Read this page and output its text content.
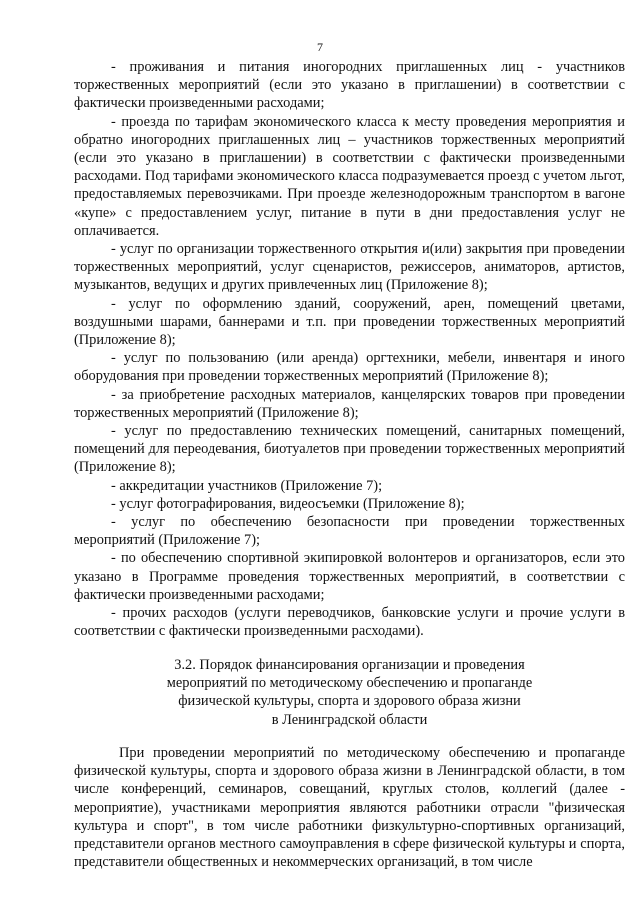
7

- проживания и питания иногородних приглашенных лиц - участников торжественных мероприятий (если это указано в приглашении) в соответствии с фактически произведенными расходами;

- проезда по тарифам экономического класса к месту проведения мероприятия и обратно иногородних приглашенных лиц – участников торжественных мероприятий (если это указано в приглашении) в соответствии с фактически произведенными расходами. Под тарифами экономического класса подразумевается проезд с учетом льгот, предоставляемых перевозчиками. При проезде железнодорожным транспортом в вагоне «купе» с предоставлением услуг, питание в пути в дни предоставления услуг не оплачивается.

- услуг по организации торжественного открытия и(или) закрытия при проведении торжественных мероприятий, услуг сценаристов, режиссеров, аниматоров, артистов, музыкантов, ведущих и других привлеченных лиц (Приложение 8);

- услуг по оформлению зданий, сооружений, арен, помещений цветами, воздушными шарами, баннерами и т.п. при проведении торжественных мероприятий (Приложение 8);

- услуг по пользованию (или аренда) оргтехники, мебели, инвентаря и иного оборудования при проведении торжественных мероприятий (Приложение 8);

- за приобретение расходных материалов, канцелярских товаров при проведении торжественных мероприятий (Приложение 8);

- услуг по предоставлению технических помещений, санитарных помещений, помещений для переодевания, биотуалетов при проведении торжественных мероприятий (Приложение 8);

- аккредитации участников (Приложение 7);

- услуг фотографирования, видеосъемки (Приложение 8);

- услуг по обеспечению безопасности при проведении торжественных мероприятий (Приложение 7);

- по обеспечению спортивной экипировкой волонтеров и организаторов, если это указано в Программе проведения торжественных мероприятий, в соответствии с фактически произведенными расходами;

- прочих расходов (услуги переводчиков, банковские услуги и прочие услуги в соответствии с фактически произведенными расходами).

3.2. Порядок финансирования организации и проведения
мероприятий по методическому обеспечению и пропаганде
физической культуры, спорта и здорового образа жизни
в Ленинградской области

При проведении мероприятий по методическому обеспечению и пропаганде физической культуры, спорта и здорового образа жизни в Ленинградской области, в том числе конференций, семинаров, совещаний, круглых столов, коллегий (далее - мероприятие), участниками мероприятия являются работники отрасли "физическая культура и спорт", в том числе работники физкультурно-спортивных организаций, представители органов местного самоуправления в сфере физической культуры и спорта, представители общественных и некоммерческих организаций, в том числе
